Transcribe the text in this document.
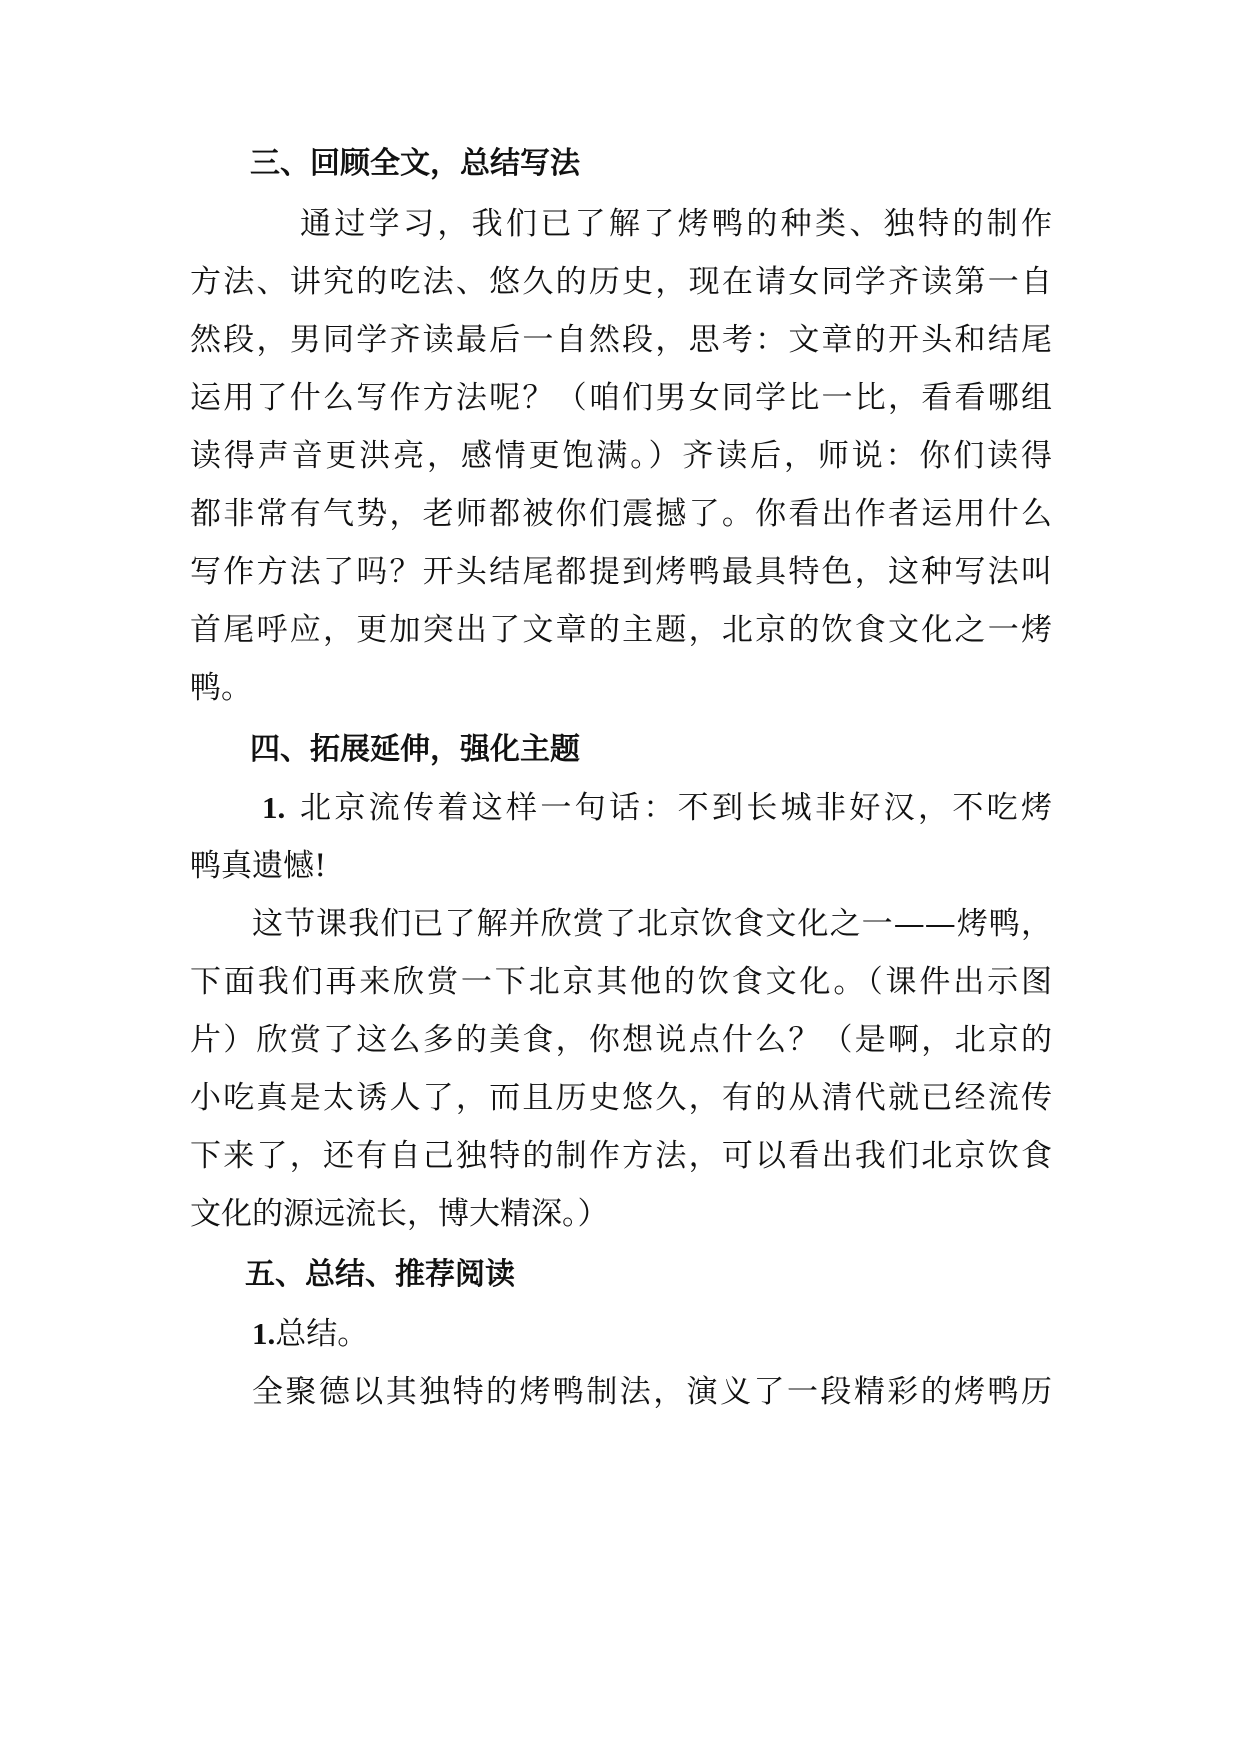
三、回顾全文，总结写法
通过学习，我们已了解了烤鸭的种类、独特的制作
方法、讲究的吃法、悠久的历史，现在请女同学齐读第一自
然段，男同学齐读最后一自然段，思考：文章的开头和结尾
运用了什么写作方法呢？（咱们男女同学比一比，看看哪组
读得声音更洪亮，感情更饱满。）齐读后，师说：你们读得
都非常有气势，老师都被你们震撼了。你看出作者运用什么
写作方法了吗？开头结尾都提到烤鸭最具特色，这种写法叫
首尾呼应，更加突出了文章的主题，北京的饮食文化之一烤
鸭。
四、拓展延伸，强化主题
1. 北京流传着这样一句话：不到长城非好汉，不吃烤
鸭真遗憾!
这节课我们已了解并欣赏了北京饮食文化之一——烤鸭，
下面我们再来欣赏一下北京其他的饮食文化。（课件出示图
片）欣赏了这么多的美食，你想说点什么？（是啊，北京的
小吃真是太诱人了，而且历史悠久，有的从清代就已经流传
下来了，还有自己独特的制作方法，可以看出我们北京饮食
文化的源远流长，博大精深。）
五、总结、推荐阅读
1.总结。
全聚德以其独特的烤鸭制法，演义了一段精彩的烤鸭历
